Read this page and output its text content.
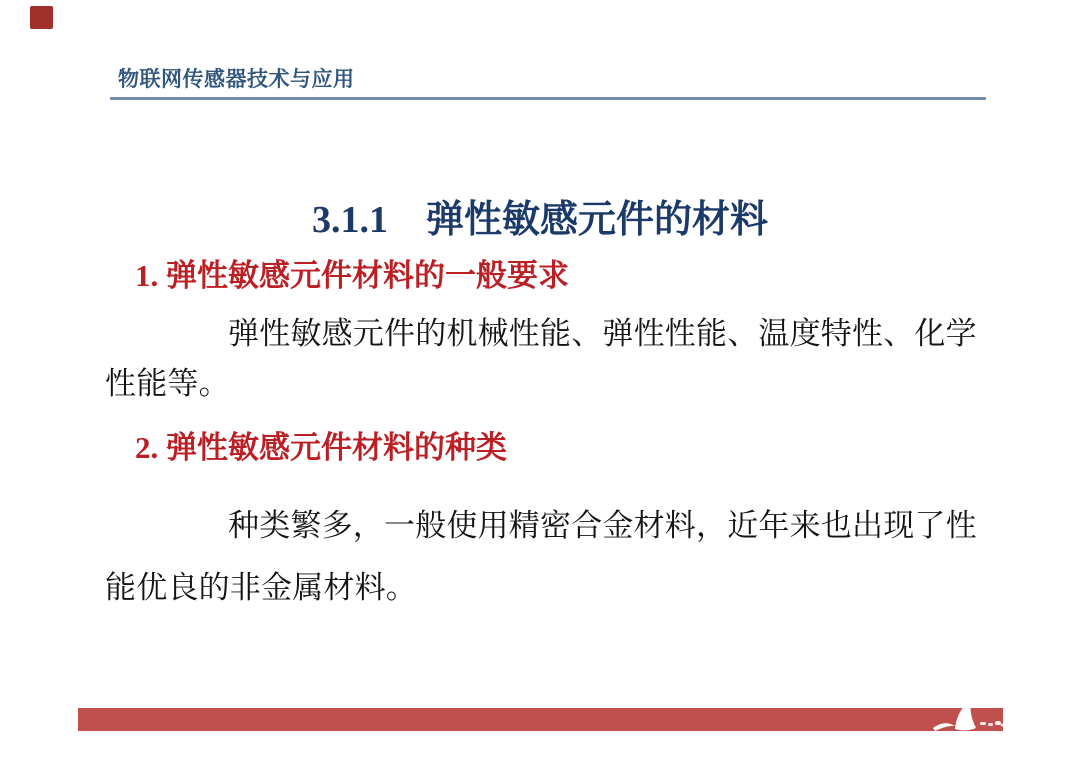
物联网传感器技术与应用
3.1.1　弹性敏感元件的材料
1. 弹性敏感元件材料的一般要求
弹性敏感元件的机械性能、弹性性能、温度特性、化学
性能等。
2. 弹性敏感元件材料的种类
种类繁多，一般使用精密合金材料，近年来也出现了性
能优良的非金属材料。
